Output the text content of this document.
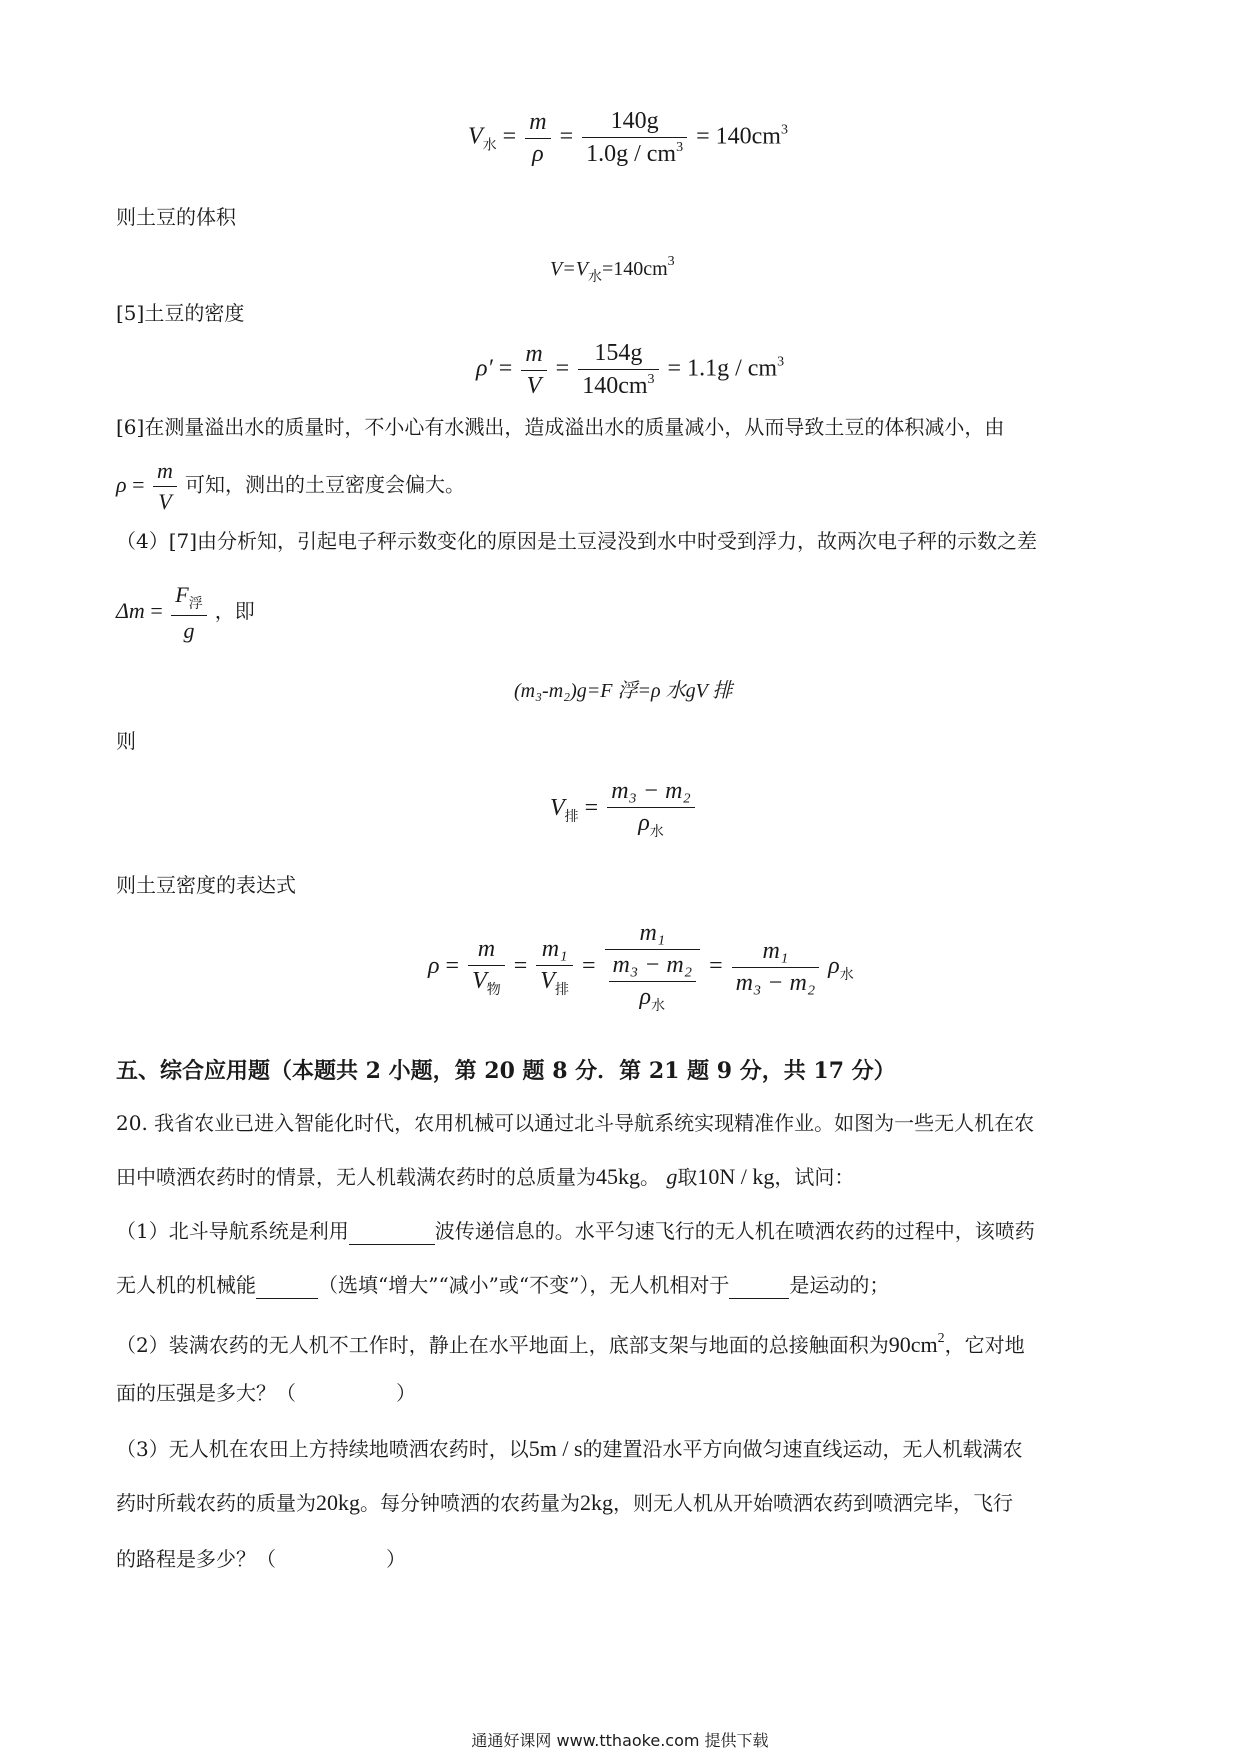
$V_水 = \frac{m}{\rho} = \frac{140g}{1.0g / cm^3} = 140cm^3$
则土豆的体积
$V=V_水=140cm^3$
[5]土豆的密度
$\rho' = \frac{m}{V} = \frac{154g}{140cm^3} = 1.1g / cm^3$
[6]在测量溢出水的质量时，不小心有水溅出，造成溢出水的质量减小，从而导致土豆的体积减小，由
$\rho = \frac{m}{V}$ 可知，测出的土豆密度会偏大。
（4）[7]由分析知，引起电子秤示数变化的原因是土豆浸没到水中时受到浮力，故两次电子秤的示数之差
$\Delta m = \frac{F_浮}{g}$ ，即
(m₃-m₂)g=F 浮=ρ 水gV 排
则
$V_排 = \frac{\text{m₃ − m₂}}{\rho_水}$
则土豆密度的表达式
$\rho = \frac{m}{V_物} = \frac{\text{m₁}}{V_排} = \frac{\text{m₁}}{\frac{\text{m₃ − m₂}}{\rho_水}} = \frac{\text{m₁}}{\text{m₃ − m₂}} \rho_水$
五、综合应用题（本题共 2 小题，第 20 题 8 分．第 21 题 9 分，共 17 分）
20. 我省农业已进入智能化时代，农用机械可以通过北斗导航系统实现精准作业。如图为一些无人机在农
田中喷洒农药时的情景，无人机载满农药时的总质量为45kg。 g取10N / kg，试问：
（1）北斗导航系统是利用	波传递信息的。水平匀速飞行的无人机在喷洒农药的过程中，该喷药
无人机的机械能	（选填“增大”“减小”或“不变”），无人机相对于	是运动的；
（2）装满农药的无人机不工作时，静止在水平地面上，底部支架与地面的总接触面积为$90cm^2$，它对地
面的压强是多大？（	）
（3）无人机在农田上方持续地喷洒农药时，以5m / s的建置沿水平方向做匀速直线运动，无人机载满农
药时所载农药的质量为20kg。每分钟喷洒的农药量为2kg，则无人机从开始喷洒农药到喷洒完毕，飞行
的路程是多少？（	）
通通好课网 www.tthaoke.com 提供下载
